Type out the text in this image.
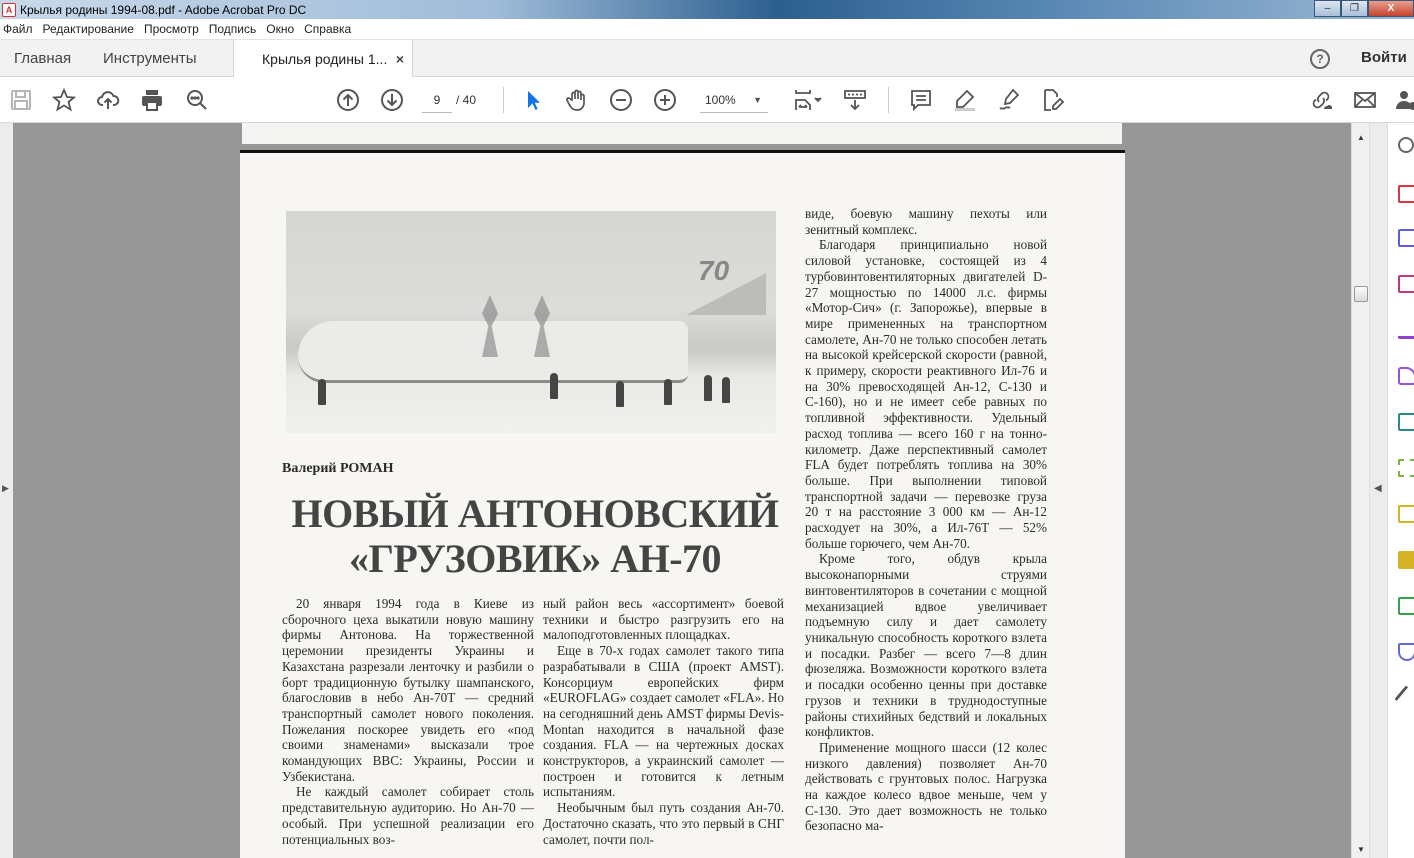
A Крылья родины 1994-08.pdf - Adobe Acrobat Pro DC	–	❐	X
Файл Редактирование Просмотр Подпись Окно Справка
Главная Инструменты	Крылья родины 1... ×	?	Войти
9	/ 40	100% ▼
▶
70
Валерий РОМАН
НОВЫЙ АНТОНОВСКИЙ
«ГРУЗОВИК» АН-70

20 января 1994 года в Киеве из сборочного цеха выкатили новую машину фирмы Антонова. На торжественной церемонии президенты Украины и Казахстана разрезали ленточку и разбили о борт традиционную бутылку шампанского, благословив в небо Ан-70Т — средний транспортный самолет нового поколения. Пожелания поскорее увидеть его «под своими знаменами» высказали трое командующих ВВС: Украины, России и Узбекистана.

Не каждый самолет собирает столь представительную аудиторию. Но Ан-70 — особый. При успешной реализации его потенциальных воз-

ный район весь «ассортимент» боевой техники и быстро разгрузить его на малоподготовленных площадках.

Еще в 70-х годах самолет такого типа разрабатывали в США (проект AMST). Консорциум европейских фирм «EUROFLAG» создает самолет «FLA». Но на сегодняшний день AMST фирмы Devis-Montan находится в начальной фазе создания. FLA — на чертежных досках конструкторов, а украинский самолет — построен и готовится к летным испытаниям.

Необычным был путь создания Ан-70. Достаточно сказать, что это первый в СНГ самолет, почти пол-

виде, боевую машину пехоты или зенитный комплекс.

Благодаря принципиально новой силовой установке, состоящей из 4 турбовинтовентиляторных двигателей D-27 мощностью по 14000 л.с. фирмы «Мотор-Сич» (г. Запорожье), впервые в мире примененных на транспортном самолете, Ан-70 не только способен летать на высокой крейсерской скорости (равной, к примеру, скорости реактивного Ил-76 и на 30% превосходящей Ан-12, С-130 и С-160), но и не имеет себе равных по топливной эффективности. Удельный расход топлива — всего 160 г на тонно-километр. Даже перспективный самолет FLA будет потреблять топлива на 30% больше. При выполнении типовой транспортной задачи — перевозке груза 20 т на расстояние 3 000 км — Ан-12 расходует на 30%, а Ил-76Т — 52% больше горючего, чем Ан-70.

Кроме того, обдув крыла высоконапорными струями винтовентиляторов в сочетании с мощной механизацией вдвое увеличивает подъемную силу и дает самолету уникальную способность короткого взлета и посадки. Разбег — всего 7—8 длин фюзеляжа. Возможности короткого взлета и посадки особенно ценны при доставке грузов и техники в труднодоступные районы стихийных бедствий и локальных конфликтов.

Применение мощного шасси (12 колес низкого давления) позволяет Ан-70 действовать с грунтовых полос. Нагрузка на каждое колесо вдвое меньше, чем у С-130. Это дает возможность не только безопасно ма-

▲
▼
◀
